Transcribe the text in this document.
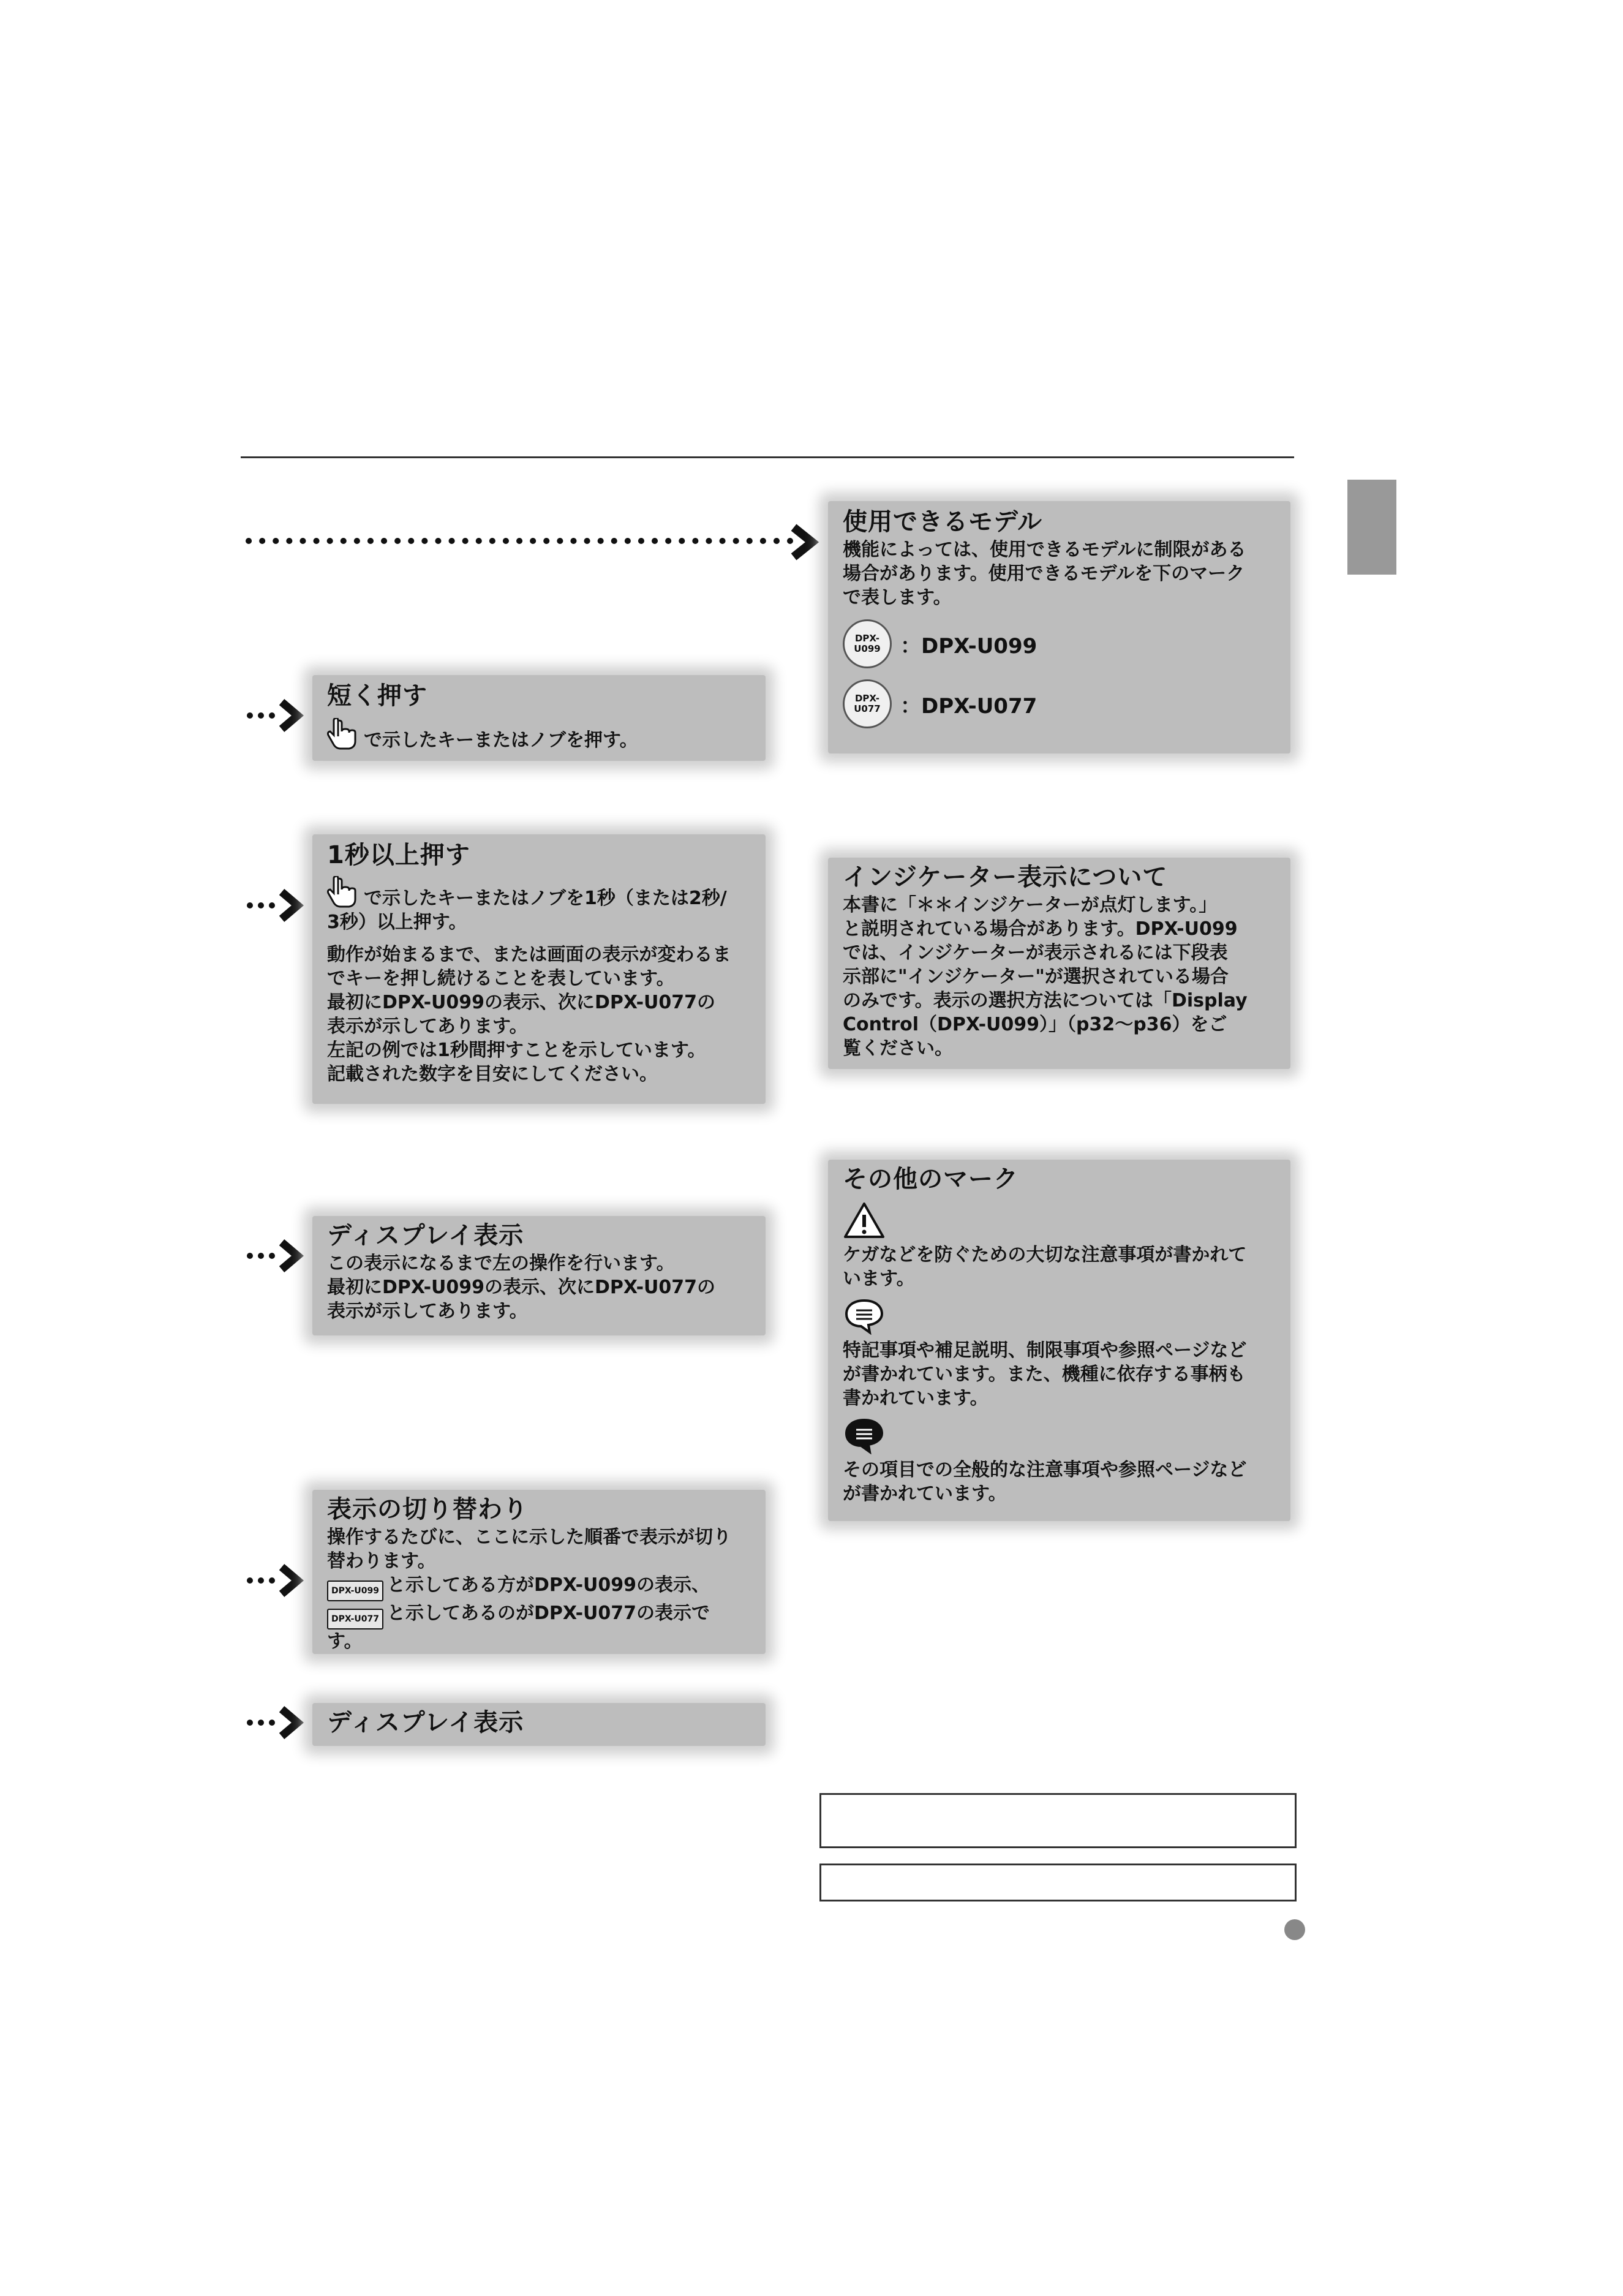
短く押す

で示したキーまたはノブを押す。

1秒以上押す

で示したキーまたはノブを1秒（または2秒/

3秒）以上押す。

動作が始まるまで、または画面の表示が変わるま

でキーを押し続けることを表しています。

最初にDPX-U099の表示、次にDPX-U077の

表示が示してあります。

左記の例では1秒間押すことを示しています。

記載された数字を目安にしてください。

ディスプレイ表示

この表示になるまで左の操作を行います。

最初にDPX-U099の表示、次にDPX-U077の

表示が示してあります。

表示の切り替わり

操作するたびに、ここに示した順番で表示が切り

替わります。

DPX-U099 と示してある方がDPX-U099の表示、

DPX-U077 と示してあるのがDPX-U077の表示で

す。

ディスプレイ表示
使用できるモデル

機能によっては、使用できるモデルに制限がある

場合があります。使用できるモデルを下のマーク

で表します。

DPX-
U099 ：DPX-U099
DPX-
U077 ：DPX-U077
インジケーター表示について

本書に「＊＊インジケーターが点灯します。」

と説明されている場合があります。DPX-U099

では、インジケーターが表示されるには下段表

示部に"インジケーター"が選択されている場合

のみです。表示の選択方法については「Display

Control（DPX-U099）」（p32～p36）をご

覧ください。

その他のマーク

ケガなどを防ぐための大切な注意事項が書かれて

います。

特記事項や補足説明、制限事項や参照ページなど

が書かれています。また、機種に依存する事柄も

書かれています。

その項目での全般的な注意事項や参照ページなど

が書かれています。
